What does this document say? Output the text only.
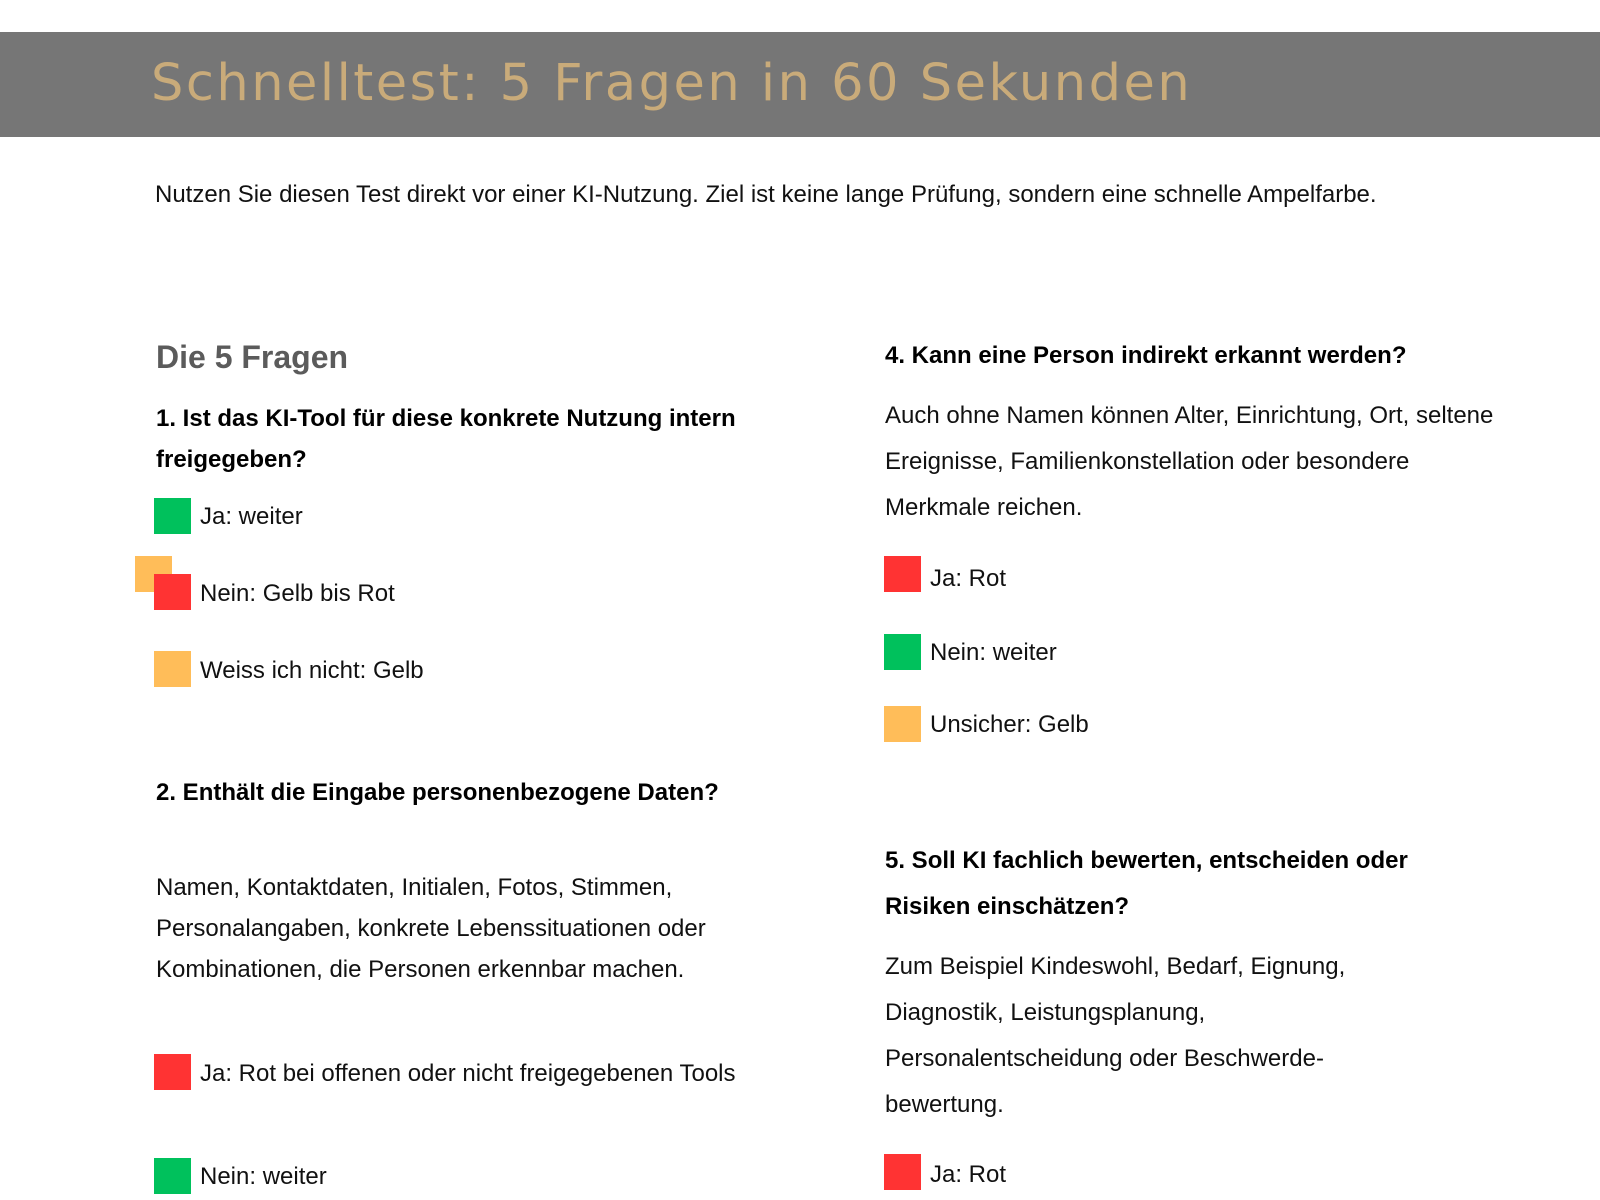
Schnelltest: 5 Fragen in 60 Sekunden

Nutzen Sie diesen Test direkt vor einer KI-Nutzung. Ziel ist keine lange Prüfung, sondern eine schnelle Ampelfarbe.

Die 5 Fragen

1. Ist das KI-Tool für diese konkrete Nutzung intern freigegeben?

Ja: weiter

Nein: Gelb bis Rot

Weiss ich nicht: Gelb

2. Enthält die Eingabe personenbezogene Daten?

Namen, Kontaktdaten, Initialen, Fotos, Stimmen, Personalangaben, konkrete Lebenssituationen oder Kombinationen, die Personen erkennbar machen.

Ja: Rot bei offenen oder nicht freigegebenen Tools

Nein: weiter

4. Kann eine Person indirekt erkannt werden?

Auch ohne Namen können Alter, Einrichtung, Ort, seltene Ereignisse, Familienkonstellation oder besondere Merkmale reichen.

Ja: Rot

Nein: weiter

Unsicher: Gelb

5. Soll KI fachlich bewerten, entscheiden oder Risiken einschätzen?

Zum Beispiel Kindeswohl, Bedarf, Eignung, Diagnostik, Leistungsplanung, Personalentscheidung oder Beschwerde-bewertung.

Ja: Rot
